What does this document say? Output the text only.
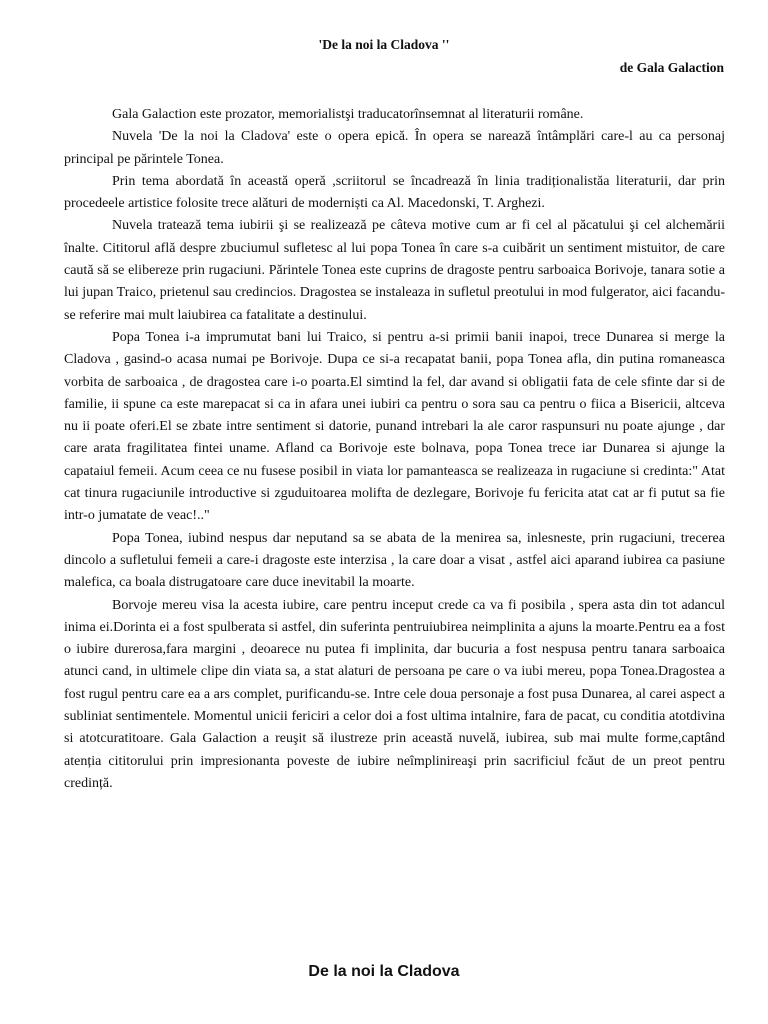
'De la noi la Cladova ''
de Gala Galaction

Gala Galaction este prozator, memorialistşi traducatorînsemnat al literaturii române.

Nuvela 'De la noi la Cladova' este o opera epică. În opera se narează întâmplări care-l au ca personaj principal pe părintele Tonea.

Prin tema abordată în această operă ,scriitorul se încadrează în linia tradiționalistăa literaturii, dar prin procedeele artistice folosite trece alături de moderniști ca Al. Macedonski, T. Arghezi.

Nuvela tratează tema iubirii şi se realizează pe câteva motive cum ar fi cel al păcatului şi cel alchemării înalte. Cititorul află despre zbuciumul sufletesc al lui popa Tonea în care s-a cuibărit un sentiment mistuitor, de care caută să se elibereze prin rugaciuni. Părintele Tonea este cuprins de dragoste pentru sarboaica Borivoje, tanara sotie a lui jupan Traico, prietenul sau credincios. Dragostea se instaleaza in sufletul preotului in mod fulgerator, aici facandu-se referire mai mult laiubirea ca fatalitate a destinului.

Popa Tonea i-a imprumutat bani lui Traico, si pentru a-si primii banii inapoi, trece Dunarea si merge la Cladova , gasind-o acasa numai pe Borivoje. Dupa ce si-a recapatat banii, popa Tonea afla, din putina romaneasca vorbita de sarboaica , de dragostea care i-o poarta.El simtind la fel, dar avand si obligatii fata de cele sfinte dar si de familie, ii spune ca este marepacat si ca in afara unei iubiri ca pentru o sora sau ca pentru o fiica a Bisericii, altceva nu ii poate oferi.El se zbate intre sentiment si datorie, punand intrebari la ale caror raspunsuri nu poate ajunge , dar care arata fragilitatea fintei uname. Afland ca Borivoje este bolnava, popa Tonea trece iar Dunarea si ajunge la capataiul femeii. Acum ceea ce nu fusese posibil in viata lor pamanteasca se realizeaza in rugaciune si credinta:" Atat cat tinura rugaciunile introductive si zguduitoarea molifta de dezlegare, Borivoje fu fericita atat cat ar fi putut sa fie intr-o jumatate de veac!.."

Popa Tonea, iubind nespus dar neputand sa se abata de la menirea sa, inlesneste, prin rugaciuni, trecerea dincolo a sufletului femeii a care-i dragoste este interzisa , la care doar a visat , astfel aici aparand iubirea ca pasiune malefica, ca boala distrugatoare care duce inevitabil la moarte.

Borvoje mereu visa la acesta iubire, care pentru inceput crede ca va fi posibila , spera asta din tot adancul inima ei.Dorinta ei a fost spulberata si astfel, din suferinta pentruiubirea neimplinita a ajuns la moarte.Pentru ea a fost o iubire durerosa,fara margini , deoarece nu putea fi implinita, dar bucuria a fost nespusa pentru tanara sarboaica atunci cand, in ultimele clipe din viata sa, a stat alaturi de persoana pe care o va iubi mereu, popa Tonea.Dragostea a fost rugul pentru care ea a ars complet, purificandu-se. Intre cele doua personaje a fost pusa Dunarea, al carei aspect a subliniat sentimentele. Momentul unicii fericiri a celor doi a fost ultima intalnire, fara de pacat, cu conditia atotdivina si atotcuratitoare. Gala Galaction a reuşit să ilustreze prin această nuvelă, iubirea, sub mai multe forme,captând atenția cititorului prin impresionanta poveste de iubire neîmplinireaşi prin sacrificiul fcăut de un preot pentru credință.

De la noi la Cladova
